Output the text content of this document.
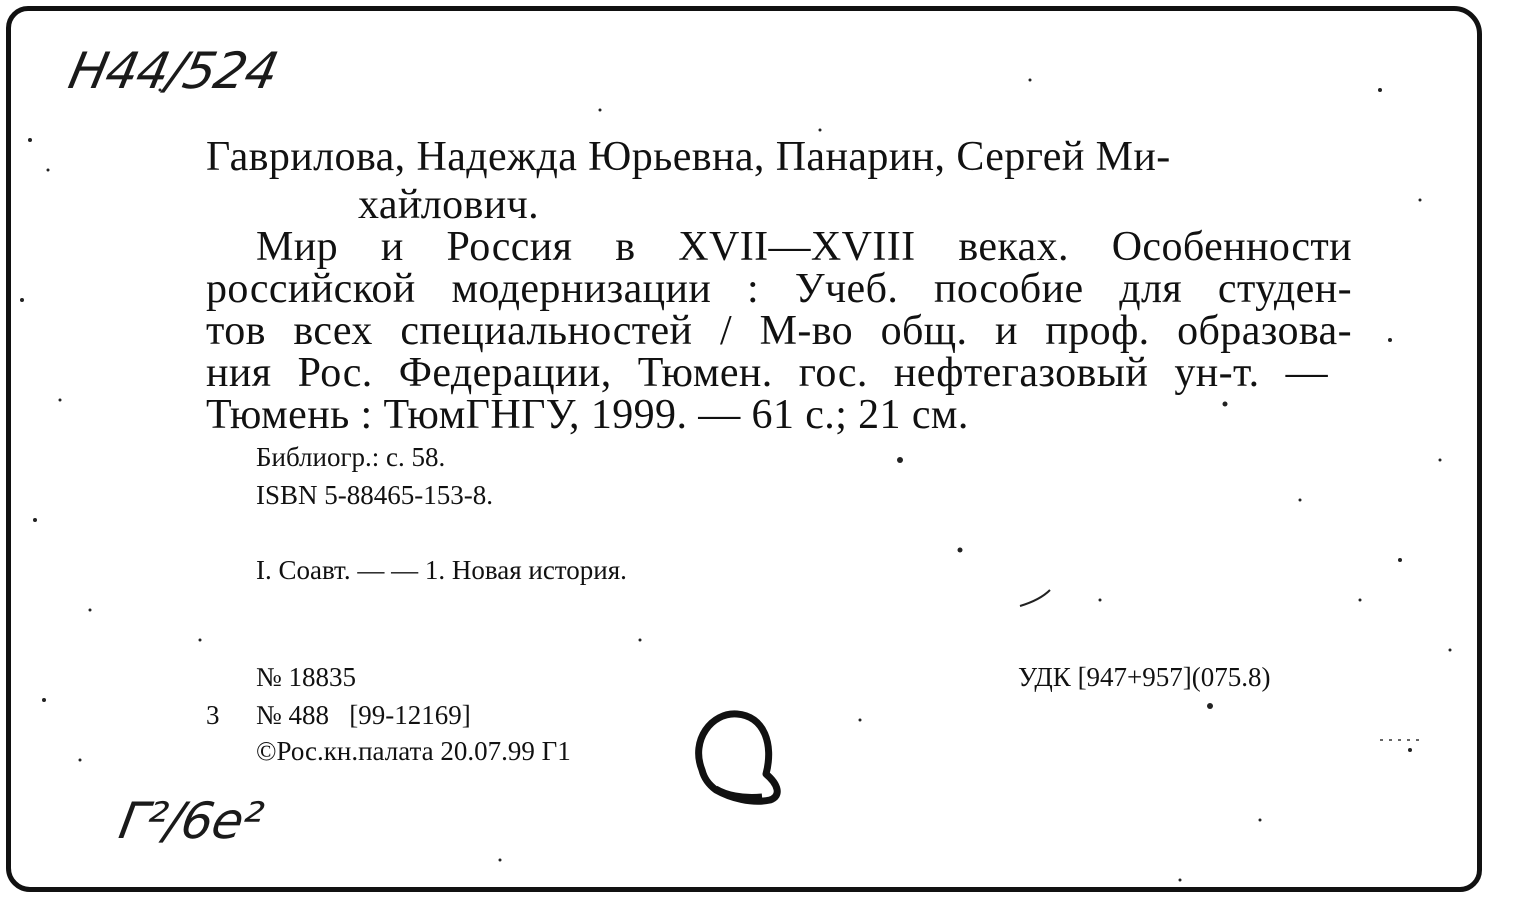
Н44/524
Г²/6е²
Гаврилова, Надежда Юрьевна, Панарин, Сергей Ми-
хайлович.
Мир и Россия в XVII—XVIII веках. Особенности
российской модернизации : Учеб. пособие для студен-
тов всех специальностей / М-во общ. и проф. образова-
ния Рос. Федерации, Тюмен. гос. нефтегазовый ун-т. —
Тюмень : ТюмГНГУ, 1999. — 61 с.; 21 см.
Библиогр.: с. 58.
ISBN 5-88465-153-8.
I. Соавт. — — 1. Новая история.
№ 18835	УДК [947+957](075.8)
3 № 488   [99-12169]
©Рос.кн.палата 20.07.99 Г1
